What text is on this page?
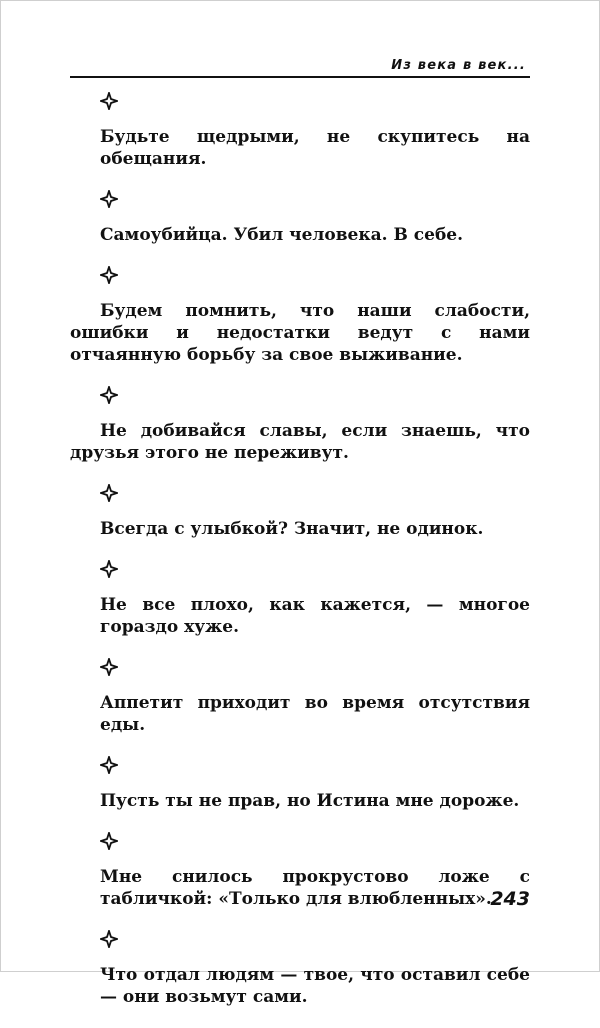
Из века в век...

Будьте щедрыми, не скупитесь на обещания.

Самоубийца. Убил человека. В себе.

Будем помнить, что наши слабости, ошибки и недостатки ведут с нами отчаянную борьбу за свое выживание.

Не добивайся славы, если знаешь, что друзья этого не переживут.

Всегда с улыбкой? Значит, не одинок.

Не все плохо, как кажется, — многое гораздо хуже.

Аппетит приходит во время отсутствия еды.

Пусть ты не прав, но Истина мне дороже.

Мне снилось прокрустово ложе с табличкой: «Только для влюбленных».

Что отдал людям — твое, что оставил себе — они возьмут сами.

243
